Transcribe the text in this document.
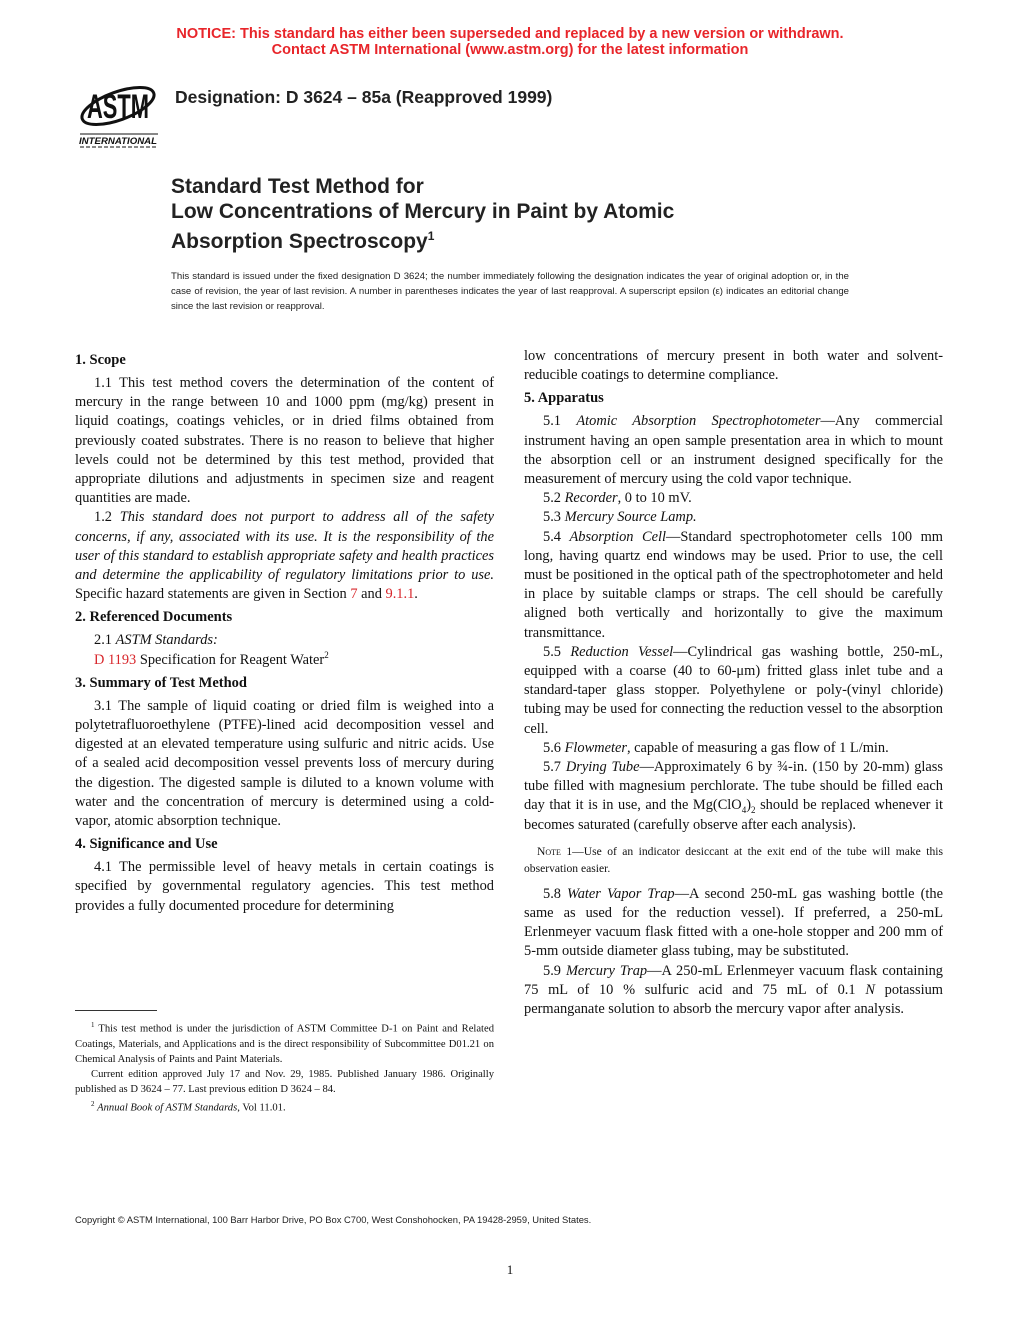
NOTICE: This standard has either been superseded and replaced by a new version or withdrawn.
Contact ASTM International (www.astm.org) for the latest information
ASTM
INTERNATIONAL
Designation: D 3624 – 85a (Reapproved 1999)
Standard Test Method for
Low Concentrations of Mercury in Paint by Atomic
Absorption Spectroscopy$^1$
This standard is issued under the fixed designation D 3624; the number immediately following the designation indicates the year of original adoption or, in the case of revision, the year of last revision. A number in parentheses indicates the year of last reapproval. A superscript epsilon (ε) indicates an editorial change since the last revision or reapproval.
1. Scope

1.1 This test method covers the determination of the content of mercury in the range between 10 and 1000 ppm (mg/kg) present in liquid coatings, coatings vehicles, or in dried films obtained from previously coated substrates. There is no reason to believe that higher levels could not be determined by this test method, provided that appropriate dilutions and adjustments in specimen size and reagent quantities are made.

1.2 This standard does not purport to address all of the safety concerns, if any, associated with its use. It is the responsibility of the user of this standard to establish appropriate safety and health practices and determine the applicability of regulatory limitations prior to use. Specific hazard statements are given in Section 7 and 9.1.1.

2. Referenced Documents

2.1 ASTM Standards:

D 1193 Specification for Reagent Water$^2$

3. Summary of Test Method

3.1 The sample of liquid coating or dried film is weighed into a polytetrafluoroethylene (PTFE)-lined acid decomposition vessel and digested at an elevated temperature using sulfuric and nitric acids. Use of a sealed acid decomposition vessel prevents loss of mercury during the digestion. The digested sample is diluted to a known volume with water and the concentration of mercury is determined using a cold-vapor, atomic absorption technique.

4. Significance and Use

4.1 The permissible level of heavy metals in certain coatings is specified by governmental regulatory agencies. This test method provides a fully documented procedure for determining

low concentrations of mercury present in both water and solvent-reducible coatings to determine compliance.

5. Apparatus

5.1 Atomic Absorption Spectrophotometer—Any commercial instrument having an open sample presentation area in which to mount the absorption cell or an instrument designed specifically for the measurement of mercury using the cold vapor technique.

5.2 Recorder, 0 to 10 mV.

5.3 Mercury Source Lamp.

5.4 Absorption Cell—Standard spectrophotometer cells 100 mm long, having quartz end windows may be used. Prior to use, the cell must be positioned in the optical path of the spectrophotometer and held in place by suitable clamps or straps. The cell should be carefully aligned both vertically and horizontally to give the maximum transmittance.

5.5 Reduction Vessel—Cylindrical gas washing bottle, 250-mL, equipped with a coarse (40 to 60-μm) fritted glass inlet tube and a standard-taper glass stopper. Polyethylene or poly-(vinyl chloride) tubing may be used for connecting the reduction vessel to the absorption cell.

5.6 Flowmeter, capable of measuring a gas flow of 1 L/min.

5.7 Drying Tube—Approximately 6 by ¾-in. (150 by 20-mm) glass tube filled with magnesium perchlorate. The tube should be filled each day that it is in use, and the $Mg(ClO_4)_2$ should be replaced whenever it becomes saturated (carefully observe after each analysis).

Note 1—Use of an indicator desiccant at the exit end of the tube will make this observation easier.

5.8 Water Vapor Trap—A second 250-mL gas washing bottle (the same as used for the reduction vessel). If preferred, a 250-mL Erlenmeyer vacuum flask fitted with a one-hole stopper and 200 mm of 5-mm outside diameter glass tubing, may be substituted.

5.9 Mercury Trap—A 250-mL Erlenmeyer vacuum flask containing 75 mL of 10 % sulfuric acid and 75 mL of 0.1 N potassium permanganate solution to absorb the mercury vapor after analysis.

$^1$ This test method is under the jurisdiction of ASTM Committee D-1 on Paint and Related Coatings, Materials, and Applications and is the direct responsibility of Subcommittee D01.21 on Chemical Analysis of Paints and Paint Materials.

Current edition approved July 17 and Nov. 29, 1985. Published January 1986. Originally published as D 3624 – 77. Last previous edition D 3624 – 84.

$^2$ Annual Book of ASTM Standards, Vol 11.01.

Copyright © ASTM International, 100 Barr Harbor Drive, PO Box C700, West Conshohocken, PA 19428-2959, United States.
1
